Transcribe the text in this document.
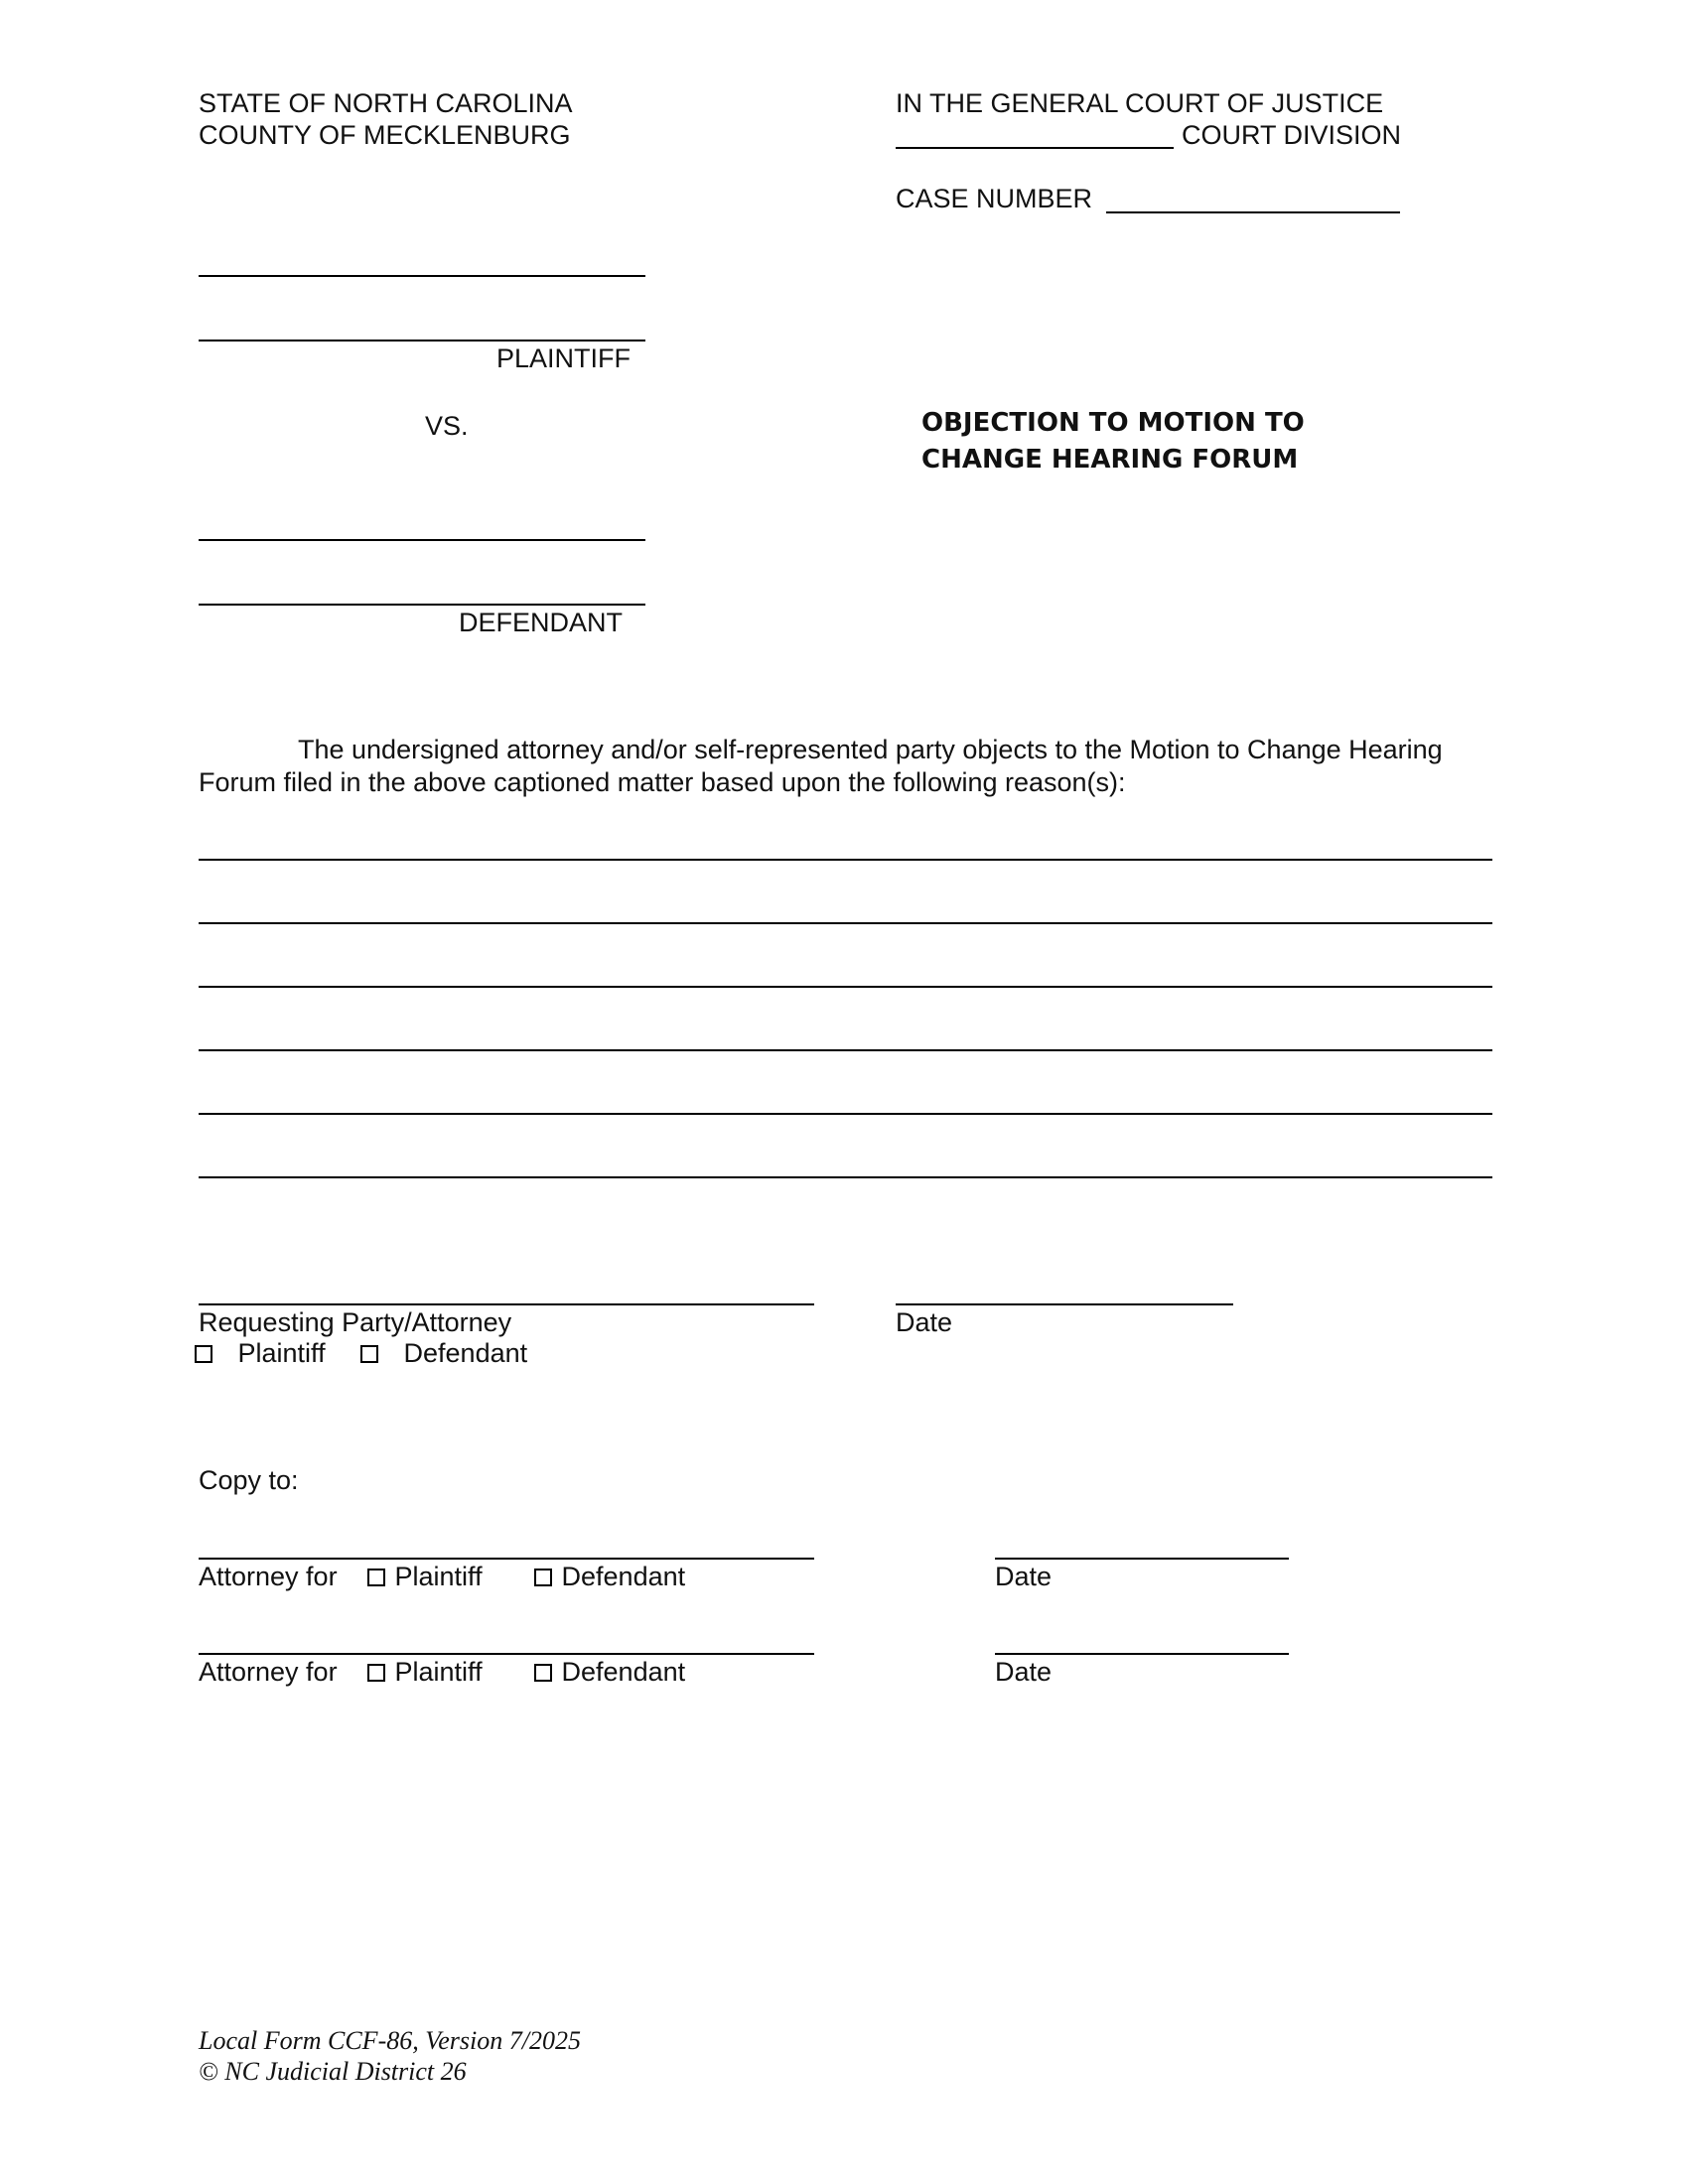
STATE OF NORTH CAROLINA
COUNTY OF MECKLENBURG
IN THE GENERAL COURT OF JUSTICE
COURT DIVISION
CASE NUMBER
PLAINTIFF
VS.	OBJECTION TO MOTION TO
CHANGE HEARING FORUM
DEFENDANT
The undersigned attorney and/or self-represented party objects to the Motion to Change Hearing Forum filed in the above captioned matter based upon the following reason(s):
Requesting Party/Attorney	Date
Plaintiff	Defendant
Copy to:
Attorney for	Plaintiff	Defendant	Date
Attorney for	Plaintiff	Defendant	Date
Local Form CCF-86, Version 7/2025
© NC Judicial District 26
